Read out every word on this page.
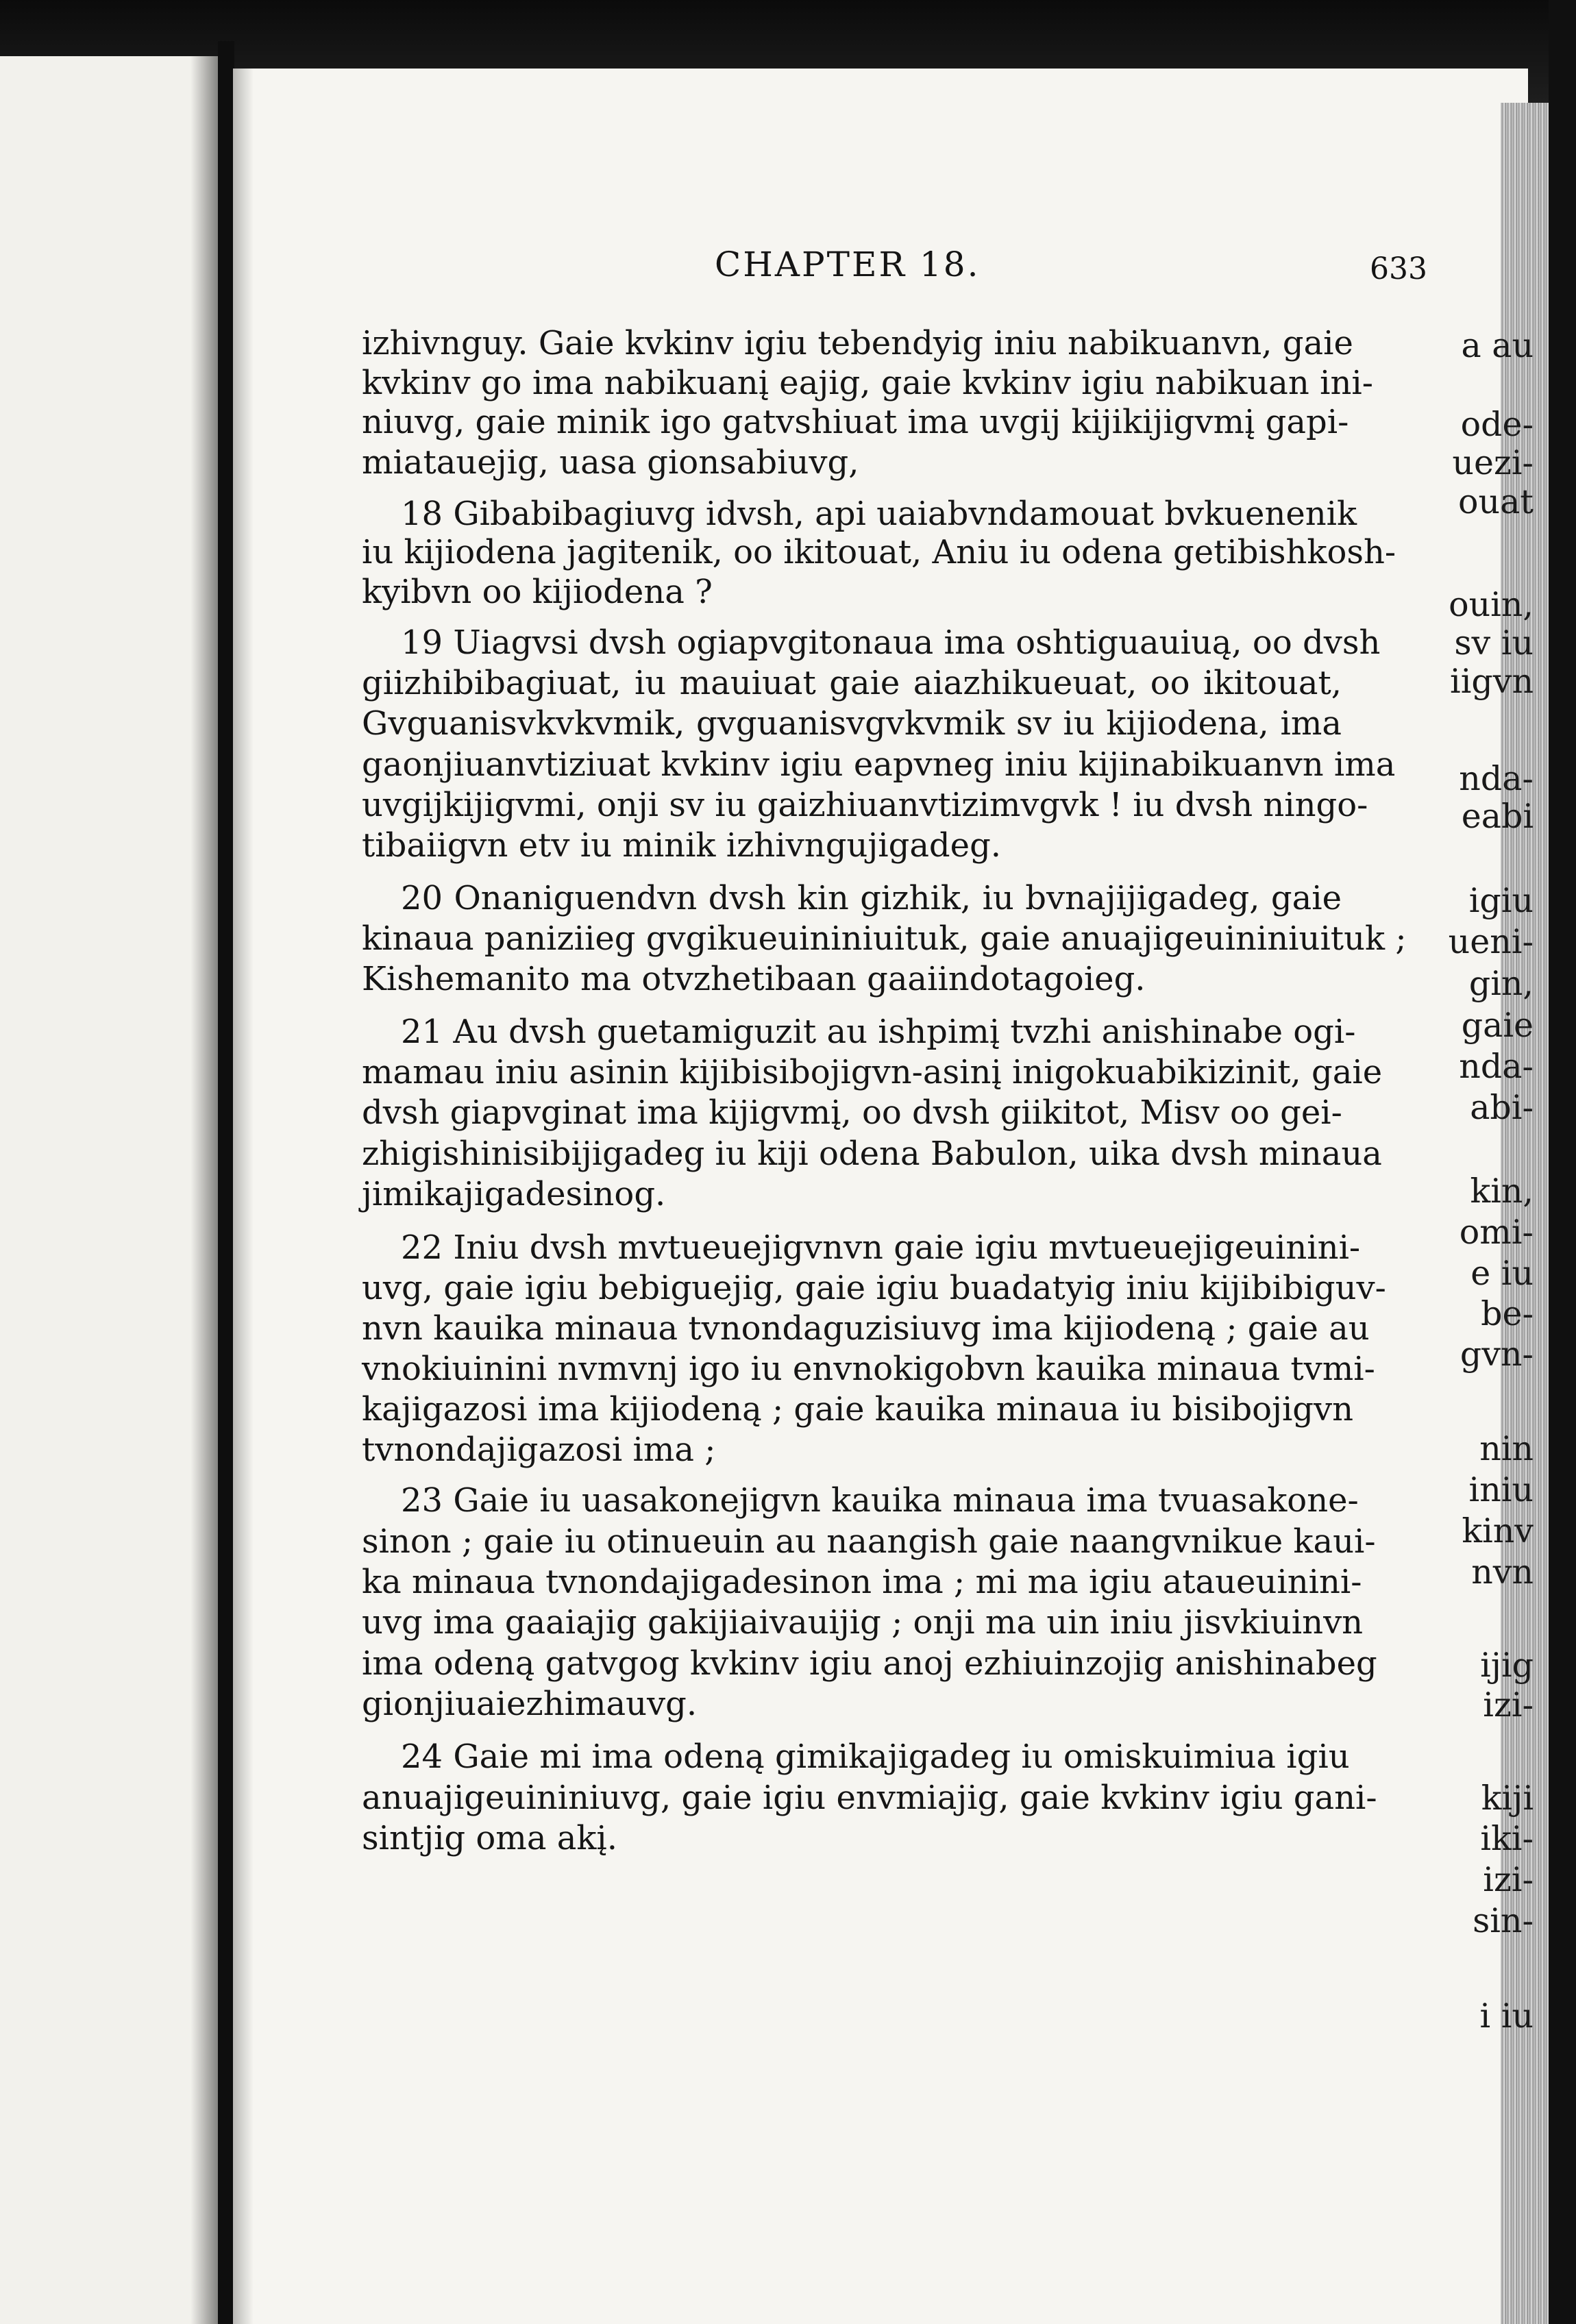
a au
ode-
uezi-
ouat
ouin,
sv iu
iigvn
nda-
eabi
igiu
ueni-
gin,
gaie
nda-
abi-
kin,
omi-
e iu
be-
gvn-
nin
iniu
kinv
nvn
ijig
izi-
kiji
iki-
izi-
sin-
i iu
CHAPTER 18.	633
izhivnguy. Gaie kvkinv igiu tebendyig iniu nabikuanvn, gaie
kvkinv go ima nabikuanį eajig, gaie kvkinv igiu nabikuan ini-
niuvg, gaie minik igo gatvshiuat ima uvgij kijikijigvmį gapi-
miatauejig, uasa gionsabiuvg,
18 Gibabibagiuvg idvsh, api uaiabvndamouat bvkuenenik
iu kijiodena jagitenik, oo ikitouat, Aniu iu odena getibishkosh-
kyibvn oo kijiodena ?
19 Uiagvsi dvsh ogiapvgitonaua ima oshtiguauiuą, oo dvsh
giizhibibagiuat, iu mauiuat gaie aiazhikueuat, oo ikitouat,
Gvguanisvkvkvmik, gvguanisvgvkvmik sv iu kijiodena, ima
gaonjiuanvtiziuat kvkinv igiu eapvneg iniu kijinabikuanvn ima
uvgijkijigvmi, onji sv iu gaizhiuanvtizimvgvk ! iu dvsh ningo-
tibaiigvn etv iu minik izhivngujigadeg.
20 Onaniguendvn dvsh kin gizhik, iu bvnajijigadeg, gaie
kinaua paniziieg gvgikueuininiuituk, gaie anuajigeuininiuituk ;
Kishemanito ma otvzhetibaan gaaiindotagoieg.
21 Au dvsh guetamiguzit au ishpimį tvzhi anishinabe ogi-
mamau iniu asinin kijibisibojigvn-asinį inigokuabikizinit, gaie
dvsh giapvginat ima kijigvmį, oo dvsh giikitot, Misv oo gei-
zhigishinisibijigadeg iu kiji odena Babulon, uika dvsh minaua
jimikajigadesinog.
22 Iniu dvsh mvtueuejigvnvn gaie igiu mvtueuejigeuinini-
uvg, gaie igiu bebiguejig, gaie igiu buadatyig iniu kijibibiguv-
nvn kauika minaua tvnondaguzisiuvg ima kijiodeną ; gaie au
vnokiuinini nvmvnj igo iu envnokigobvn kauika minaua tvmi-
kajigazosi ima kijiodeną ; gaie kauika minaua iu bisibojigvn
tvnondajigazosi ima ;
23 Gaie iu uasakonejigvn kauika minaua ima tvuasakone-
sinon ; gaie iu otinueuin au naangish gaie naangvnikue kaui-
ka minaua tvnondajigadesinon ima ; mi ma igiu ataueuinini-
uvg ima gaaiajig gakijiaivauijig ; onji ma uin iniu jisvkiuinvn
ima odeną gatvgog kvkinv igiu anoj ezhiuinzojig anishinabeg
gionjiuaiezhimauvg.
24 Gaie mi ima odeną gimikajigadeg iu omiskuimiua igiu
anuajigeuininiuvg, gaie igiu envmiajig, gaie kvkinv igiu gani-
sintjig oma akį.
